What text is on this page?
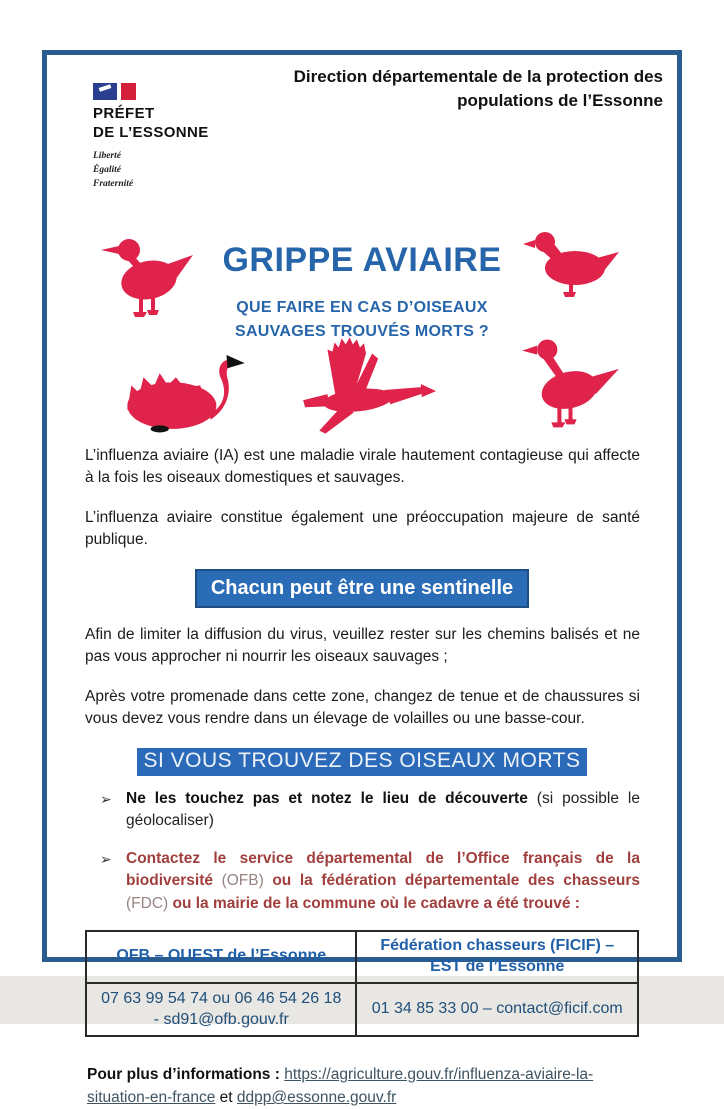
PRÉFET
DE L’ESSONNE
Liberté
Égalité
Fraternité
Direction départementale de la protection des populations de l’Essonne
GRIPPE AVIAIRE
QUE FAIRE EN CAS D’OISEAUX
SAUVAGES TROUVÉS MORTS ?

L’influenza aviaire (IA) est une maladie virale hautement contagieuse qui affecte à la fois les oiseaux domestiques et sauvages.

L’influenza aviaire constitue également une préoccupation majeure de santé publique.

Chacun peut être une sentinelle

Afin de limiter la diffusion du virus, veuillez rester sur les chemins balisés et ne pas vous approcher ni nourrir les oiseaux sauvages ;

Après votre promenade dans cette zone, changez de tenue et de chaussures si vous devez vous rendre dans un élevage de volailles ou une basse-cour.

SI VOUS TROUVEZ DES OISEAUX MORTS
➢ Ne les touchez pas et notez le lieu de découverte (si possible le géolocaliser)
➢ Contactez le service départemental de l’Office français de la biodiversité (OFB) ou la fédération départementale des chasseurs (FDC) ou la mairie de la commune où le cadavre a été trouvé :
OFB – OUEST de l’Essonne	Fédération chasseurs (FICIF) – EST de l’Essonne
07 63 99 54 74 ou 06 46 54 26 18 - sd91@ofb.gouv.fr	01 34 85 33 00 – contact@ficif.com

Pour plus d’informations : https://agriculture.gouv.fr/influenza-aviaire-la-situation-en-france et ddpp@essonne.gouv.fr
